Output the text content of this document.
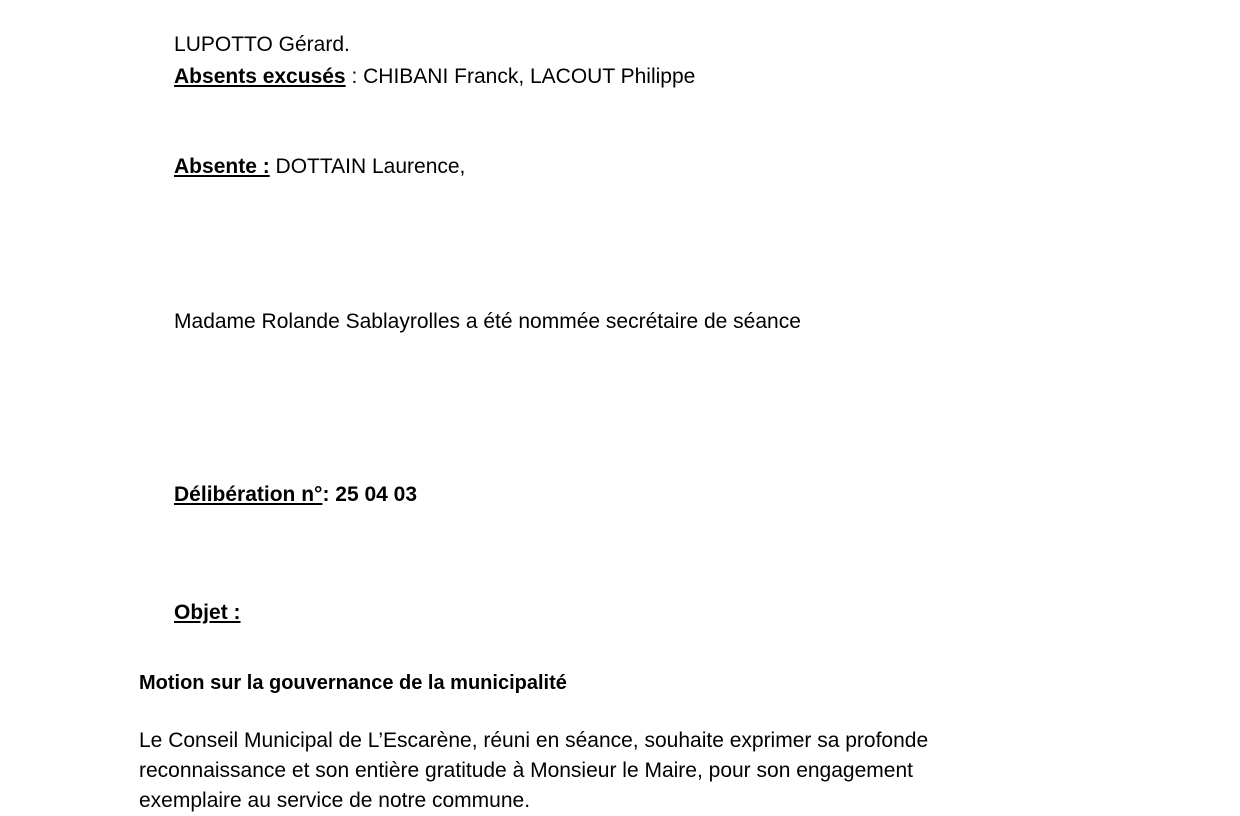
LUPOTTO Gérard.

Absents excusés : CHIBANI Franck, LACOUT Philippe

Absente : DOTTAIN Laurence,

Madame Rolande Sablayrolles a été nommée secrétaire de séance

Délibération n°: 25 04 03

Objet :

Motion sur la gouvernance de la municipalité
Le Conseil Municipal de L’Escarène, réuni en séance, souhaite exprimer sa profonde reconnaissance et son entière gratitude à Monsieur le Maire, pour son engagement exemplaire au service de notre commune.
